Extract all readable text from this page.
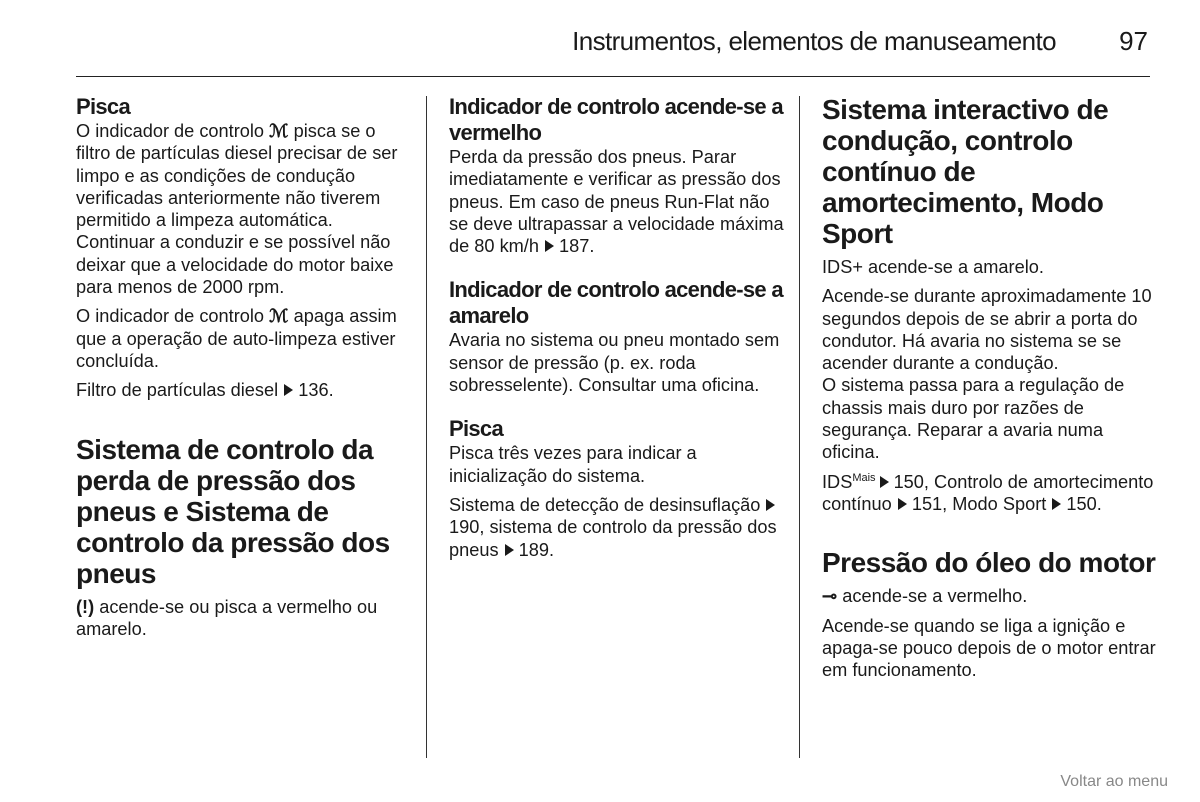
Instrumentos, elementos de manuseamento 97
Pisca

O indicador de controlo ℳ pisca se o filtro de partículas diesel precisar de ser limpo e as condições de condução verificadas anteriormente não tiverem permitido a limpeza automática. Continuar a conduzir e se possível não deixar que a velocidade do motor baixe para menos de 2000 rpm.

O indicador de controlo ℳ apaga assim que a operação de auto-limpeza estiver concluída.

Filtro de partículas diesel 136.

Sistema de controlo da perda de pressão dos pneus e Sistema de controlo da pressão dos pneus

(!) acende-se ou pisca a vermelho ou amarelo.

Indicador de controlo acende-se a vermelho

Perda da pressão dos pneus. Parar imediatamente e verificar as pressão dos pneus. Em caso de pneus Run-Flat não se deve ultrapassar a velocidade máxima de 80 km/h 187.

Indicador de controlo acende-se a amarelo

Avaria no sistema ou pneu montado sem sensor de pressão (p. ex. roda sobresselente). Consultar uma oficina.

Pisca

Pisca três vezes para indicar a inicialização do sistema.

Sistema de detecção de desinsuflação 190, sistema de controlo da pressão dos pneus 189.

Sistema interactivo de condução, controlo contínuo de amortecimento, Modo Sport

IDS+ acende-se a amarelo.

Acende-se durante aproximadamente 10 segundos depois de se abrir a porta do condutor. Há avaria no sistema se se acender durante a condução.

O sistema passa para a regulação de chassis mais duro por razões de segurança. Reparar a avaria numa oficina.

$IDS^{Mais}$ 150, Controlo de amortecimento contínuo 151, Modo Sport 150.

Pressão do óleo do motor

⊸ acende-se a vermelho.

Acende-se quando se liga a ignição e apaga-se pouco depois de o motor entrar em funcionamento.

Voltar ao menu
